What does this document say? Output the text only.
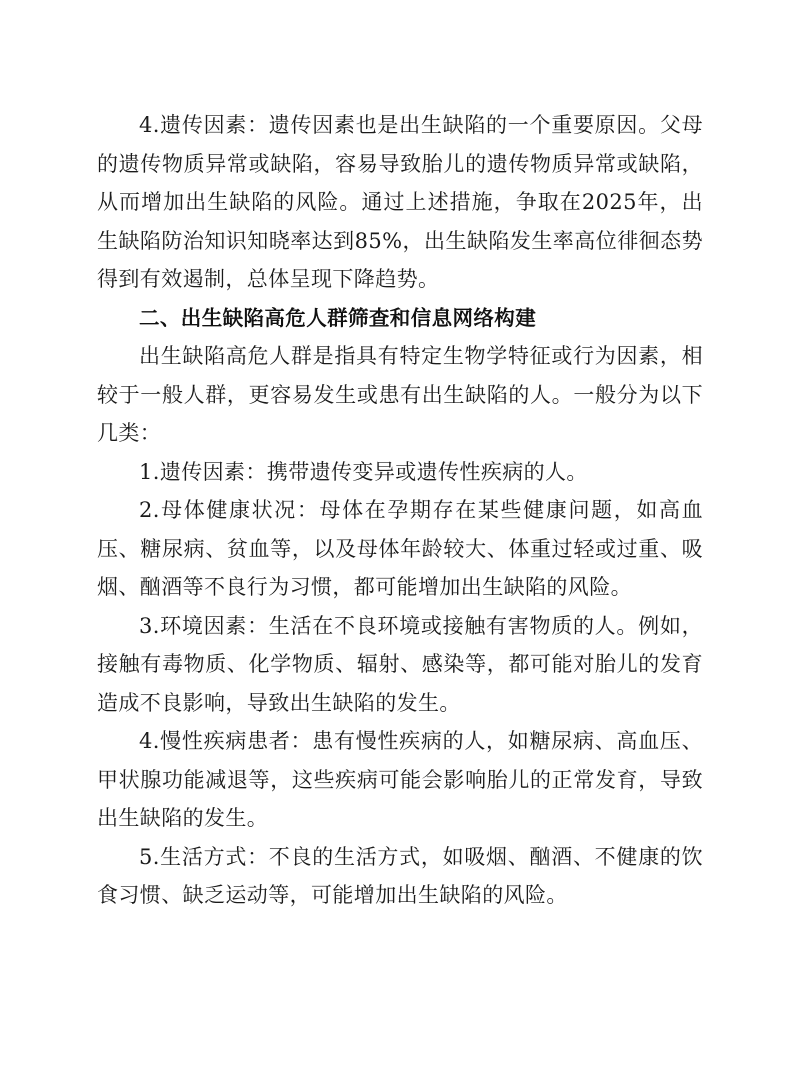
4.遗传因素：遗传因素也是出生缺陷的一个重要原因。父母的遗传物质异常或缺陷，容易导致胎儿的遗传物质异常或缺陷，从而增加出生缺陷的风险。通过上述措施，争取在2025年，出生缺陷防治知识知晓率达到85%，出生缺陷发生率高位徘徊态势得到有效遏制，总体呈现下降趋势。

二、出生缺陷高危人群筛查和信息网络构建

出生缺陷高危人群是指具有特定生物学特征或行为因素，相较于一般人群，更容易发生或患有出生缺陷的人。一般分为以下几类：

1.遗传因素：携带遗传变异或遗传性疾病的人。

2.母体健康状况：母体在孕期存在某些健康问题，如高血压、糖尿病、贫血等，以及母体年龄较大、体重过轻或过重、吸烟、酗酒等不良行为习惯，都可能增加出生缺陷的风险。

3.环境因素：生活在不良环境或接触有害物质的人。例如，接触有毒物质、化学物质、辐射、感染等，都可能对胎儿的发育造成不良影响，导致出生缺陷的发生。

4.慢性疾病患者：患有慢性疾病的人，如糖尿病、高血压、甲状腺功能减退等，这些疾病可能会影响胎儿的正常发育，导致出生缺陷的发生。

5.生活方式：不良的生活方式，如吸烟、酗酒、不健康的饮食习惯、缺乏运动等，可能增加出生缺陷的风险。
